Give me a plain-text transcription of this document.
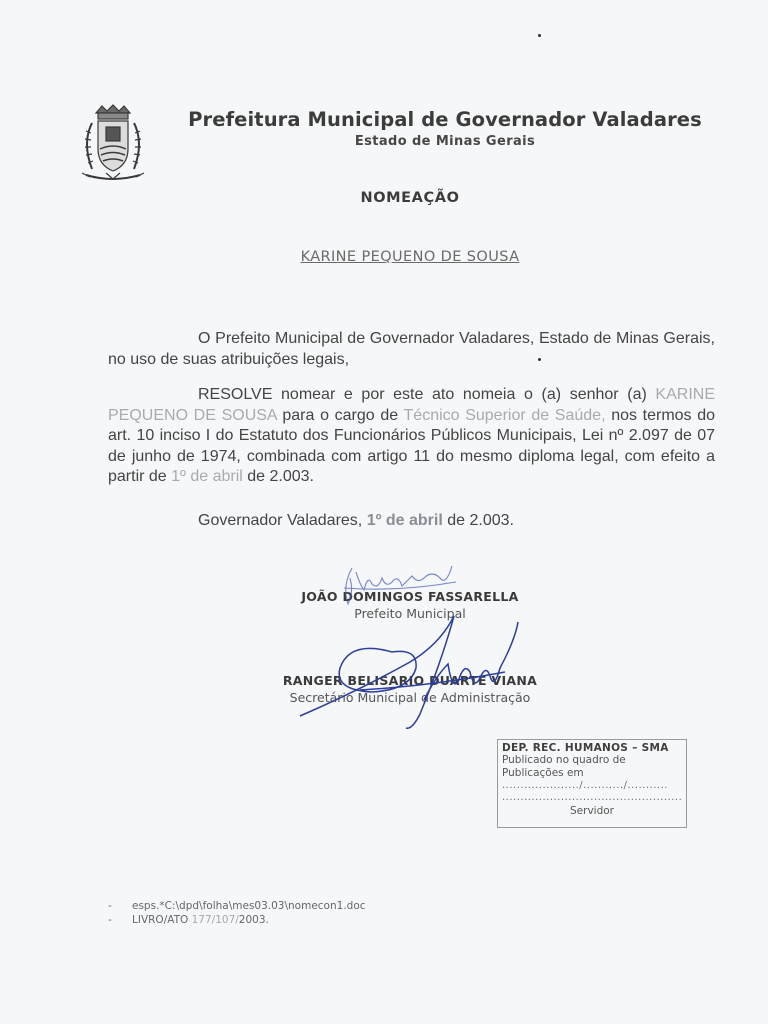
Prefeitura Municipal de Governador Valadares
Estado de Minas Gerais
NOMEAÇÃO
KARINE PEQUENO DE SOUSA
O Prefeito Municipal de Governador Valadares, Estado de Minas Gerais, no uso de suas atribuições legais,
RESOLVE nomear e por este ato nomeia o (a) senhor (a) KARINE PEQUENO DE SOUSA para o cargo de Técnico Superior de Saúde, nos termos do art. 10 inciso I do Estatuto dos Funcionários Públicos Municipais, Lei nº 2.097 de 07 de junho de 1974, combinada com artigo 11 do mesmo diploma legal, com efeito a partir de 1º de abril de 2.003.
Governador Valadares, 1º de abril de 2.003.
JOÃO DOMINGOS FASSARELLA
Prefeito Municipal
RANGER BELISARIO DUARTE VIANA
Secretário Municipal de Administração
DEP. REC. HUMANOS – SMA
Publicado no quadro de
Publicações em
...................../.........../...........
.................................................
Servidor
- esps.*C:\dpd\folha\mes03.03\nomecon1.doc
- LIVRO/ATO 177/107/2003.
